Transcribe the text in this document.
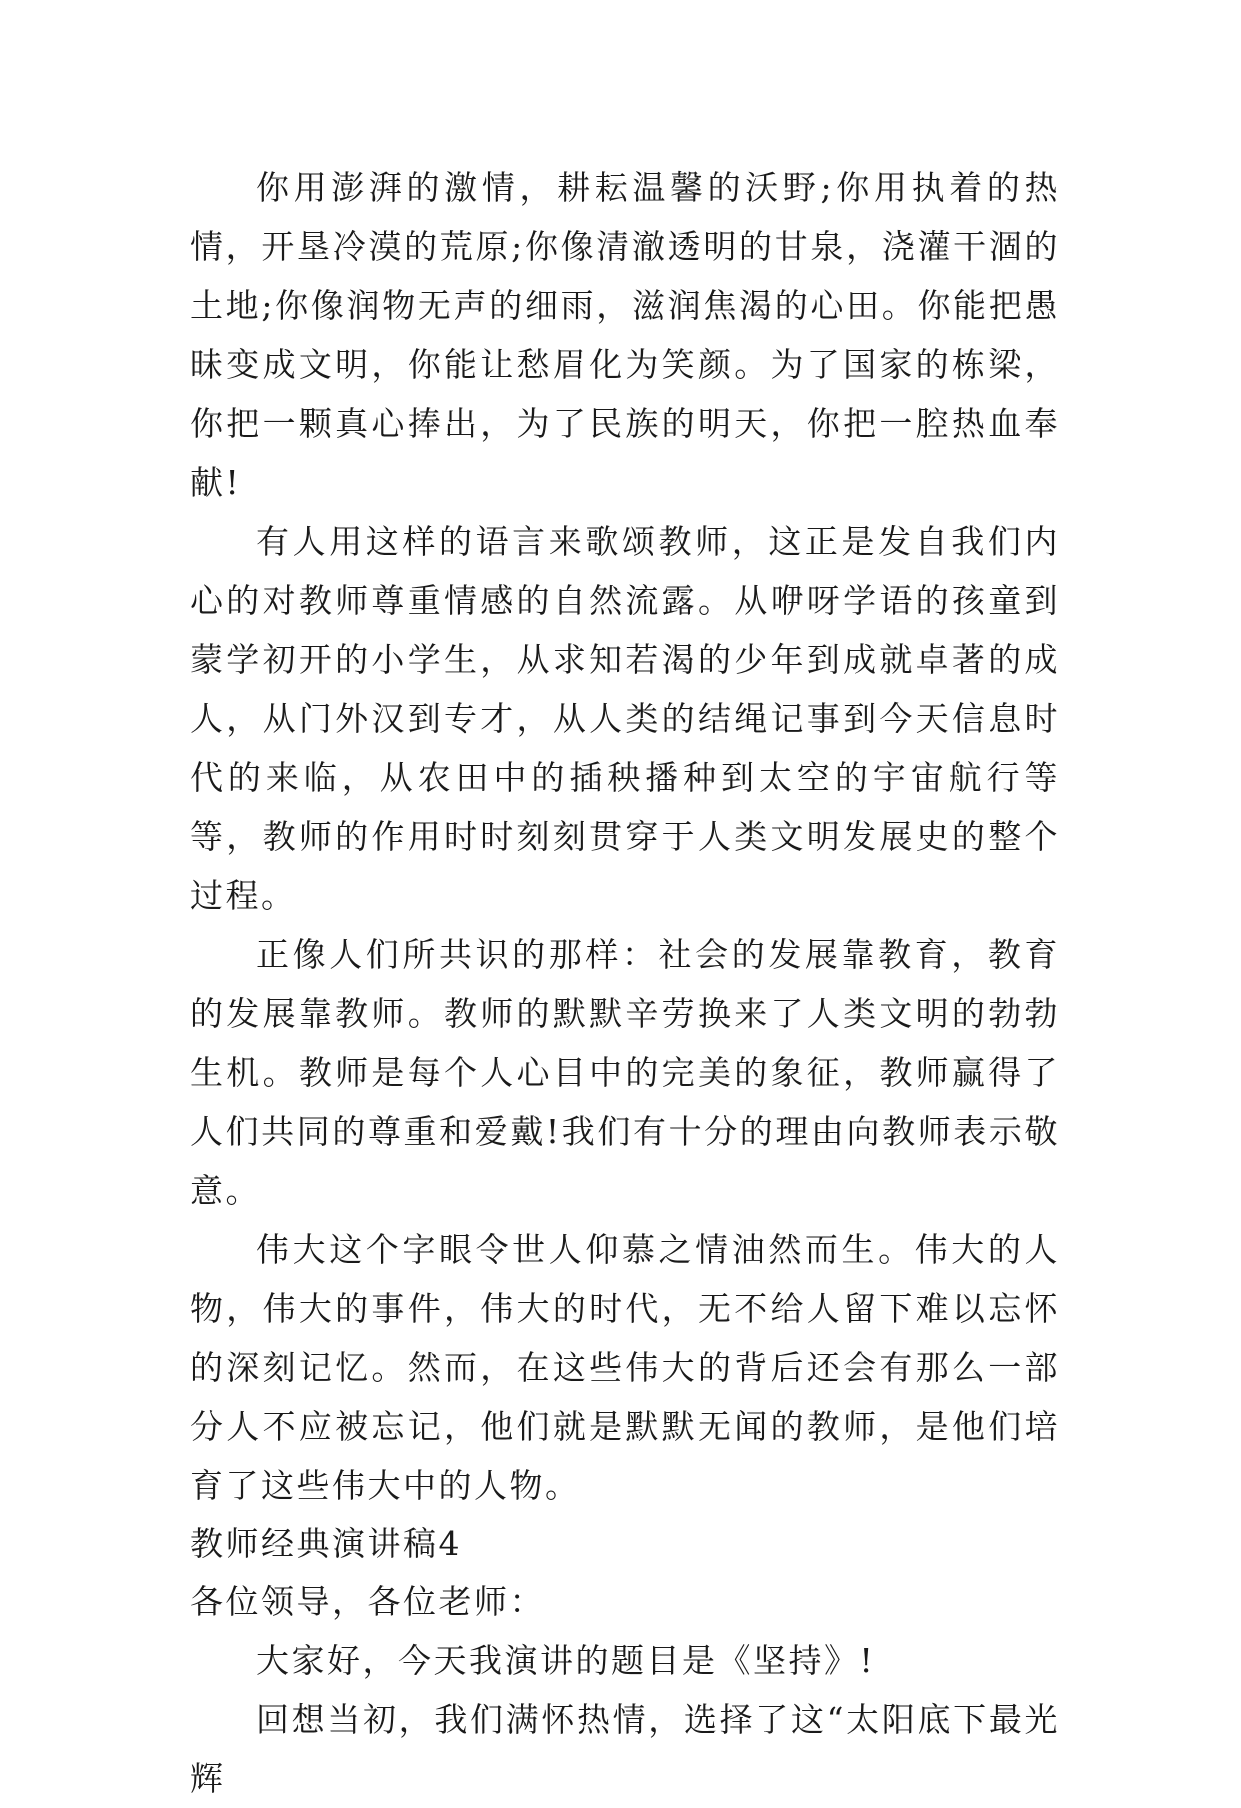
你用澎湃的激情，耕耘温馨的沃野;你用执着的热情，开垦冷漠的荒原;你像清澈透明的甘泉，浇灌干涸的土地;你像润物无声的细雨，滋润焦渴的心田。你能把愚昧变成文明，你能让愁眉化为笑颜。为了国家的栋梁，你把一颗真心捧出，为了民族的明天，你把一腔热血奉献!

有人用这样的语言来歌颂教师，这正是发自我们内心的对教师尊重情感的自然流露。从咿呀学语的孩童到蒙学初开的小学生，从求知若渴的少年到成就卓著的成人，从门外汉到专才，从人类的结绳记事到今天信息时代的来临，从农田中的插秧播种到太空的宇宙航行等等，教师的作用时时刻刻贯穿于人类文明发展史的整个过程。

正像人们所共识的那样：社会的发展靠教育，教育的发展靠教师。教师的默默辛劳换来了人类文明的勃勃生机。教师是每个人心目中的完美的象征，教师赢得了人们共同的尊重和爱戴!我们有十分的理由向教师表示敬意。

伟大这个字眼令世人仰慕之情油然而生。伟大的人物，伟大的事件，伟大的时代，无不给人留下难以忘怀的深刻记忆。然而，在这些伟大的背后还会有那么一部分人不应被忘记，他们就是默默无闻的教师，是他们培育了这些伟大中的人物。

教师经典演讲稿4

各位领导，各位老师：

大家好，今天我演讲的题目是《坚持》!

回想当初，我们满怀热情，选择了这“太阳底下最光辉
